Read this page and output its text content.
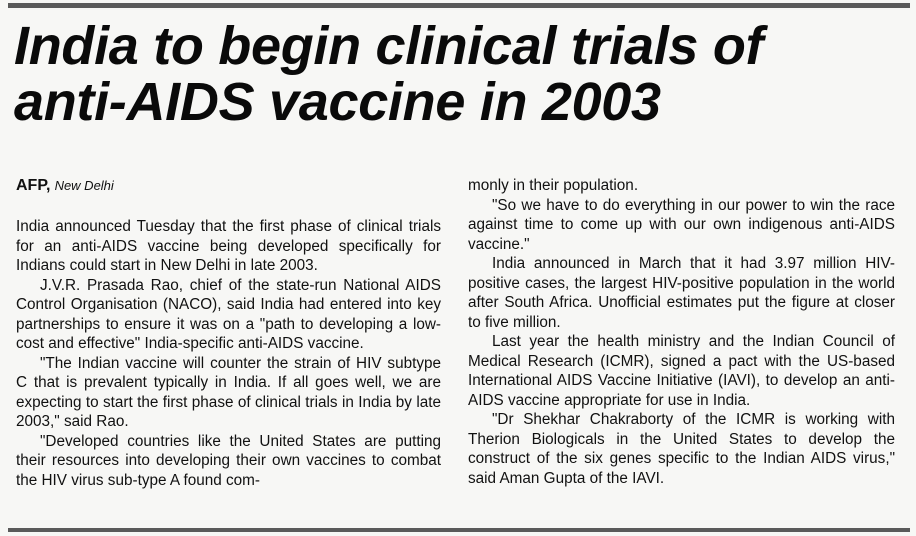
India to begin clinical trials of
anti-AIDS vaccine in 2003
AFP, New Delhi

India announced Tuesday that the first phase of clinical trials for an anti-AIDS vaccine being developed specifically for Indians could start in New Delhi in late 2003.

J.V.R. Prasada Rao, chief of the state-run National AIDS Control Organisation (NACO), said India had entered into key partnerships to ensure it was on a "path to developing a low-cost and effective" India-specific anti-AIDS vaccine.

"The Indian vaccine will counter the strain of HIV subtype C that is prevalent typically in India. If all goes well, we are expecting to start the first phase of clinical trials in India by late 2003," said Rao.

"Developed countries like the United States are putting their resources into developing their own vaccines to combat the HIV virus sub-type A found com-

monly in their population.

"So we have to do everything in our power to win the race against time to come up with our own indigenous anti-AIDS vaccine."

India announced in March that it had 3.97 million HIV-positive cases, the largest HIV-positive population in the world after South Africa. Unofficial estimates put the figure at closer to five million.

Last year the health ministry and the Indian Council of Medical Research (ICMR), signed a pact with the US-based International AIDS Vaccine Initiative (IAVI), to develop an anti-AIDS vaccine appropriate for use in India.

"Dr Shekhar Chakraborty of the ICMR is working with Therion Biologicals in the United States to develop the construct of the six genes specific to the Indian AIDS virus," said Aman Gupta of the IAVI.
